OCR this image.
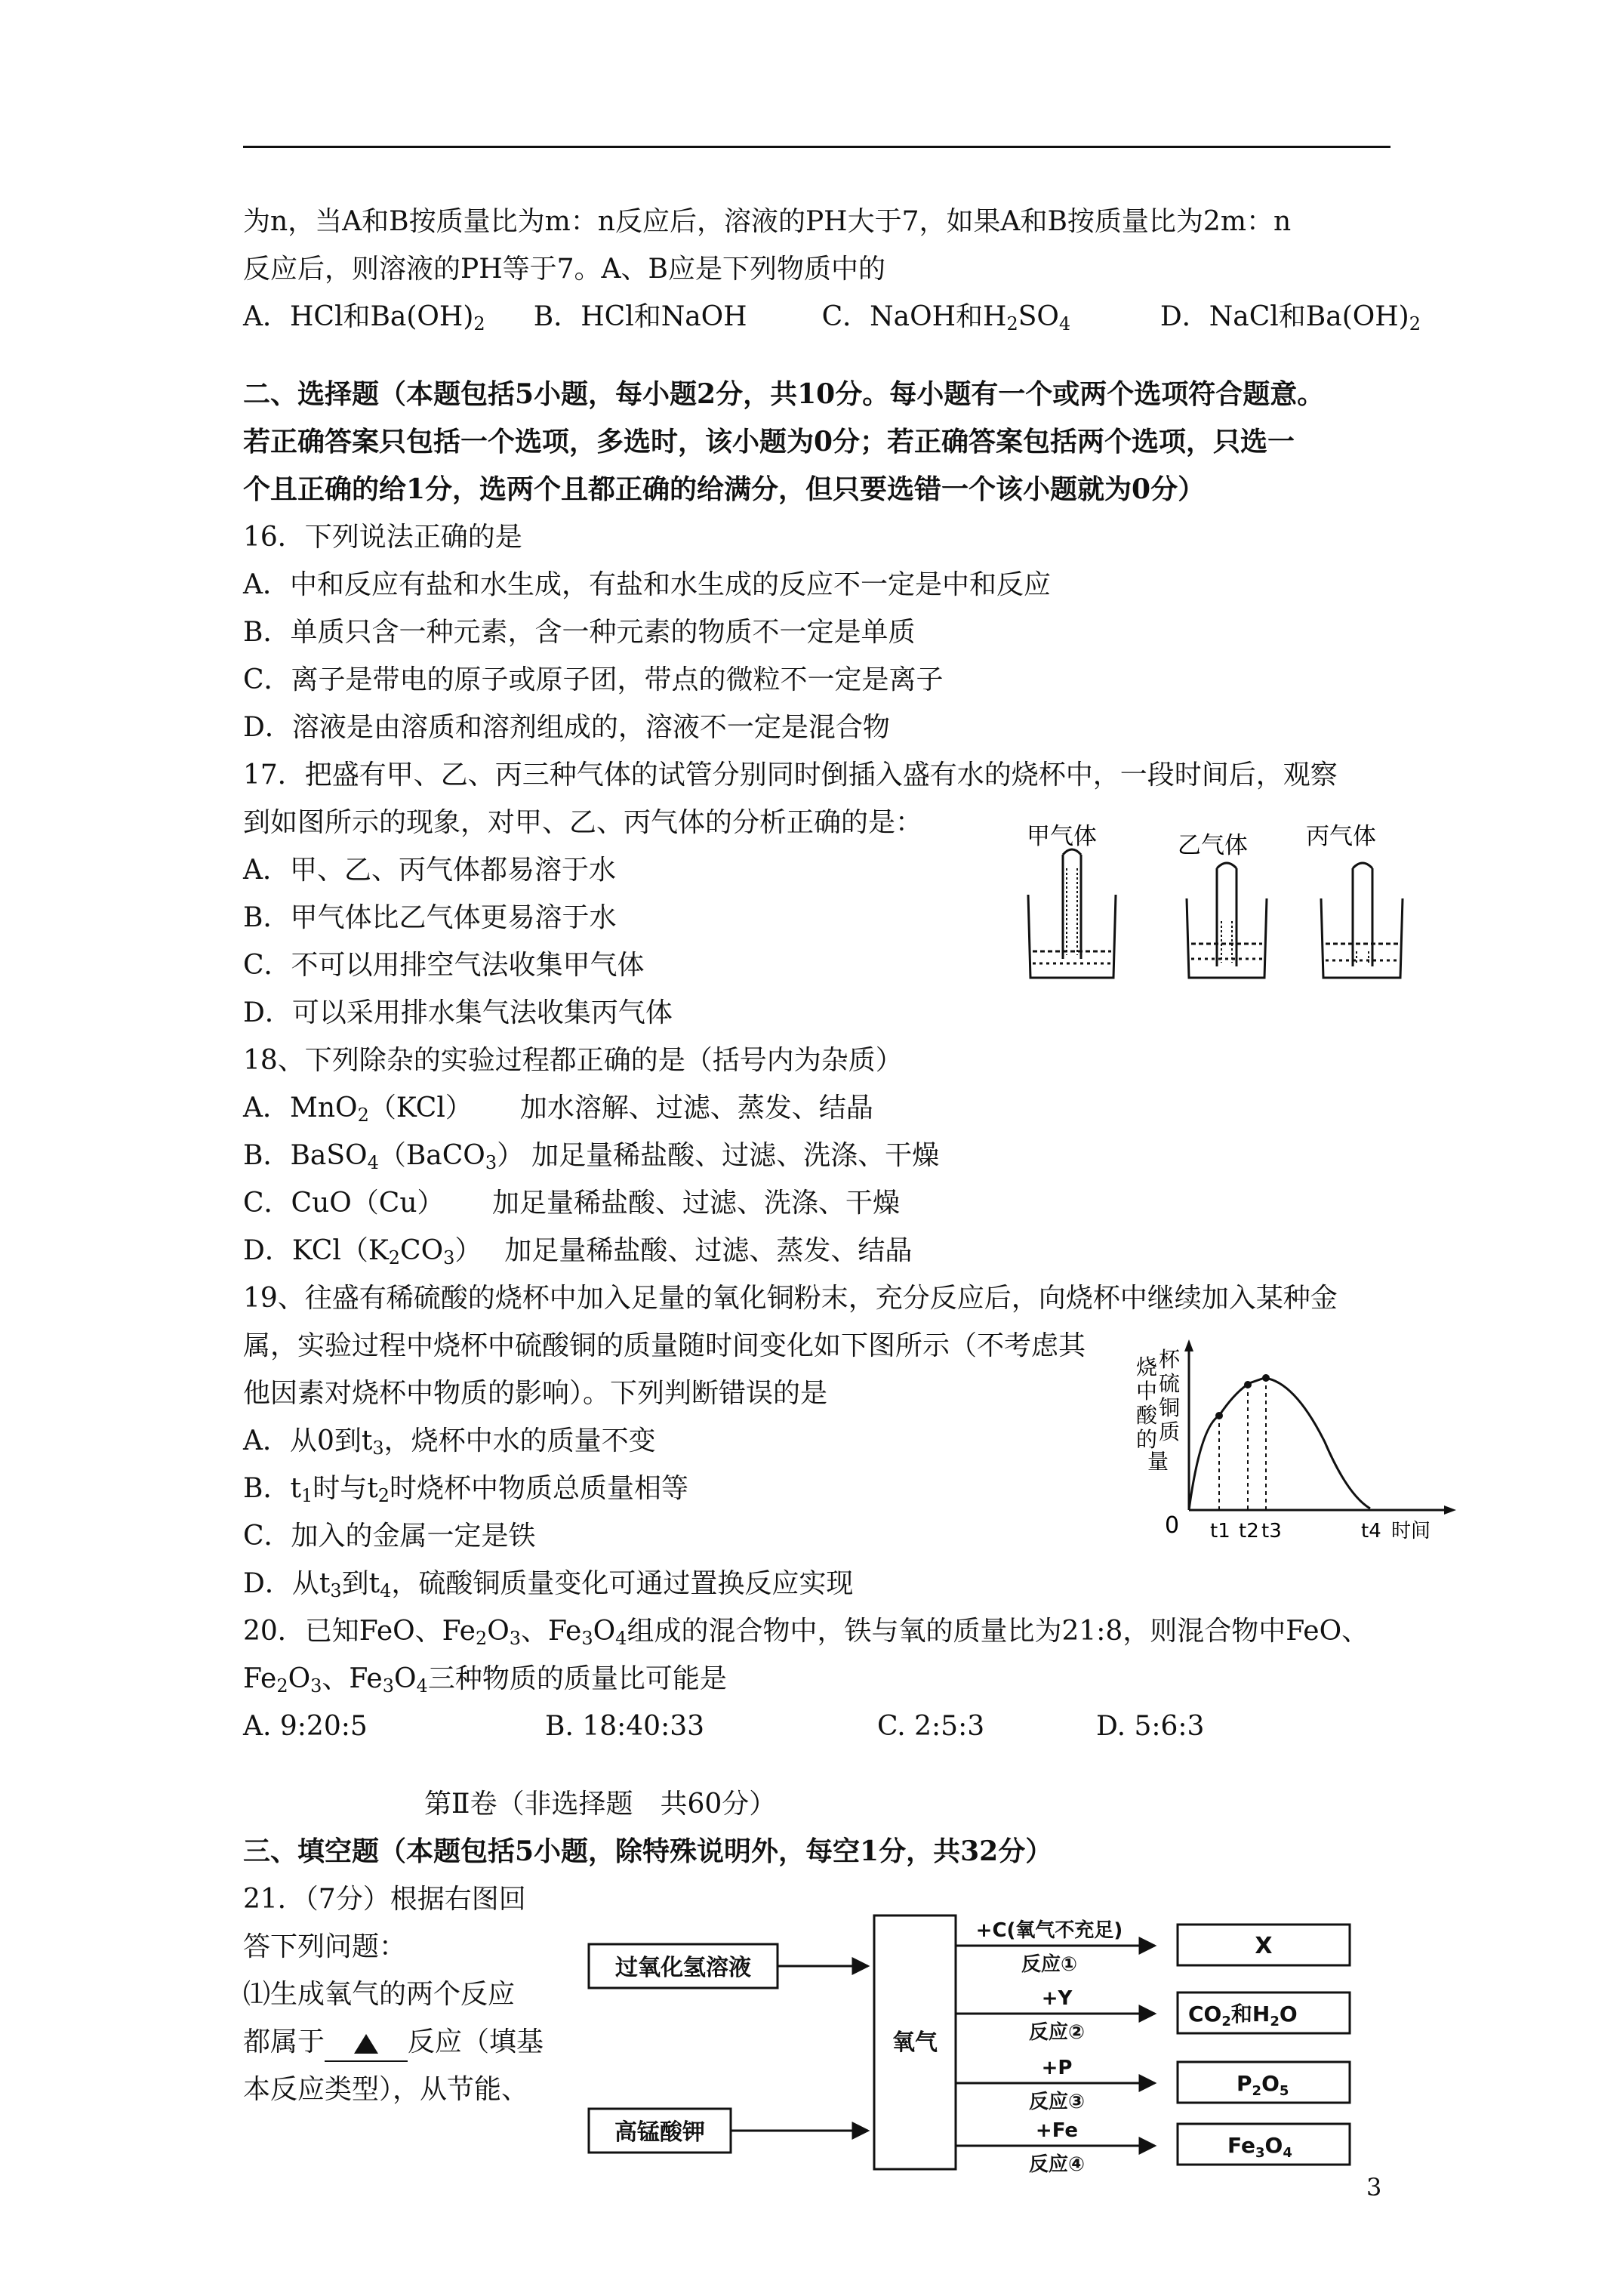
为n，当A和B按质量比为m：n反应后，溶液的PH大于7，如果A和B按质量比为2m：n
反应后，则溶液的PH等于7。A、B应是下列物质中的
A．HCl和$Ba(OH)_2$	B．HCl和NaOH	C．NaOH和$H_2SO_4$	D．NaCl和$Ba(OH)_2$
二、选择题（本题包括5小题，每小题2分，共10分。每小题有一个或两个选项符合题意。
若正确答案只包括一个选项，多选时，该小题为0分；若正确答案包括两个选项，只选一
个且正确的给1分，选两个且都正确的给满分，但只要选错一个该小题就为0分）
16．下列说法正确的是
A．中和反应有盐和水生成，有盐和水生成的反应不一定是中和反应
B．单质只含一种元素，含一种元素的物质不一定是单质
C．离子是带电的原子或原子团，带点的微粒不一定是离子
D．溶液是由溶质和溶剂组成的，溶液不一定是混合物
17．把盛有甲、乙、丙三种气体的试管分别同时倒插入盛有水的烧杯中，一段时间后，观察
到如图所示的现象，对甲、乙、丙气体的分析正确的是：
A．甲、乙、丙气体都易溶于水
B．甲气体比乙气体更易溶于水
C．不可以用排空气法收集甲气体
D．可以采用排水集气法收集丙气体
18、下列除杂的实验过程都正确的是（括号内为杂质）
A．MnO$_2$（KCl） 加水溶解、过滤、蒸发、结晶
B．BaSO$_4$（BaCO$_3$） 加足量稀盐酸、过滤、洗涤、干燥
C．CuO（Cu） 加足量稀盐酸、过滤、洗涤、干燥
D．$KCl(K_2CO_3)$ 加足量稀盐酸、过滤、蒸发、结晶
19、往盛有稀硫酸的烧杯中加入足量的氧化铜粉末，充分反应后，向烧杯中继续加入某种金
属，实验过程中烧杯中硫酸铜的质量随时间变化如下图所示（不考虑其
他因素对烧杯中物质的影响）。下列判断错误的是
A．从0到$t_3$，烧杯中水的质量不变
B．$t_1$时与$t_2$时烧杯中物质总质量相等
C．加入的金属一定是铁
D．从$t_3$到$t_4$，硫酸铜质量变化可通过置换反应实现
20．已知FeO、$Fe_2O_3$、$Fe_3O_4$组成的混合物中，铁与氧的质量比为21:8，则混合物中FeO、
$Fe_2O_3$、$Fe_3O_4$三种物质的质量比可能是
A. 9:20:5	B. 18:40:33	C. 2:5:3	D. 5:6:3
第Ⅱ卷（非选择题　共60分）
三、填空题（本题包括5小题，除特殊说明外，每空1分，共32分）
21．（7分）根据右图回
答下列问题：
⑴生成氧气的两个反应
都属于	反应（填基
本反应类型），从节能、
甲气体	乙气体 丙气体
烧 杯
中 硫
酸 铜
的 质
量
0 t1 t2 t3	t4 时间
过氧化氢溶液
高锰酸钾
氧气
+C(氧气不充足)
反应①
X
+Y
反应②
$CO_2$和$H_2O$
+P
反应③
$P_2O_5$
+Fe
反应④
$Fe_3O_4$
3
